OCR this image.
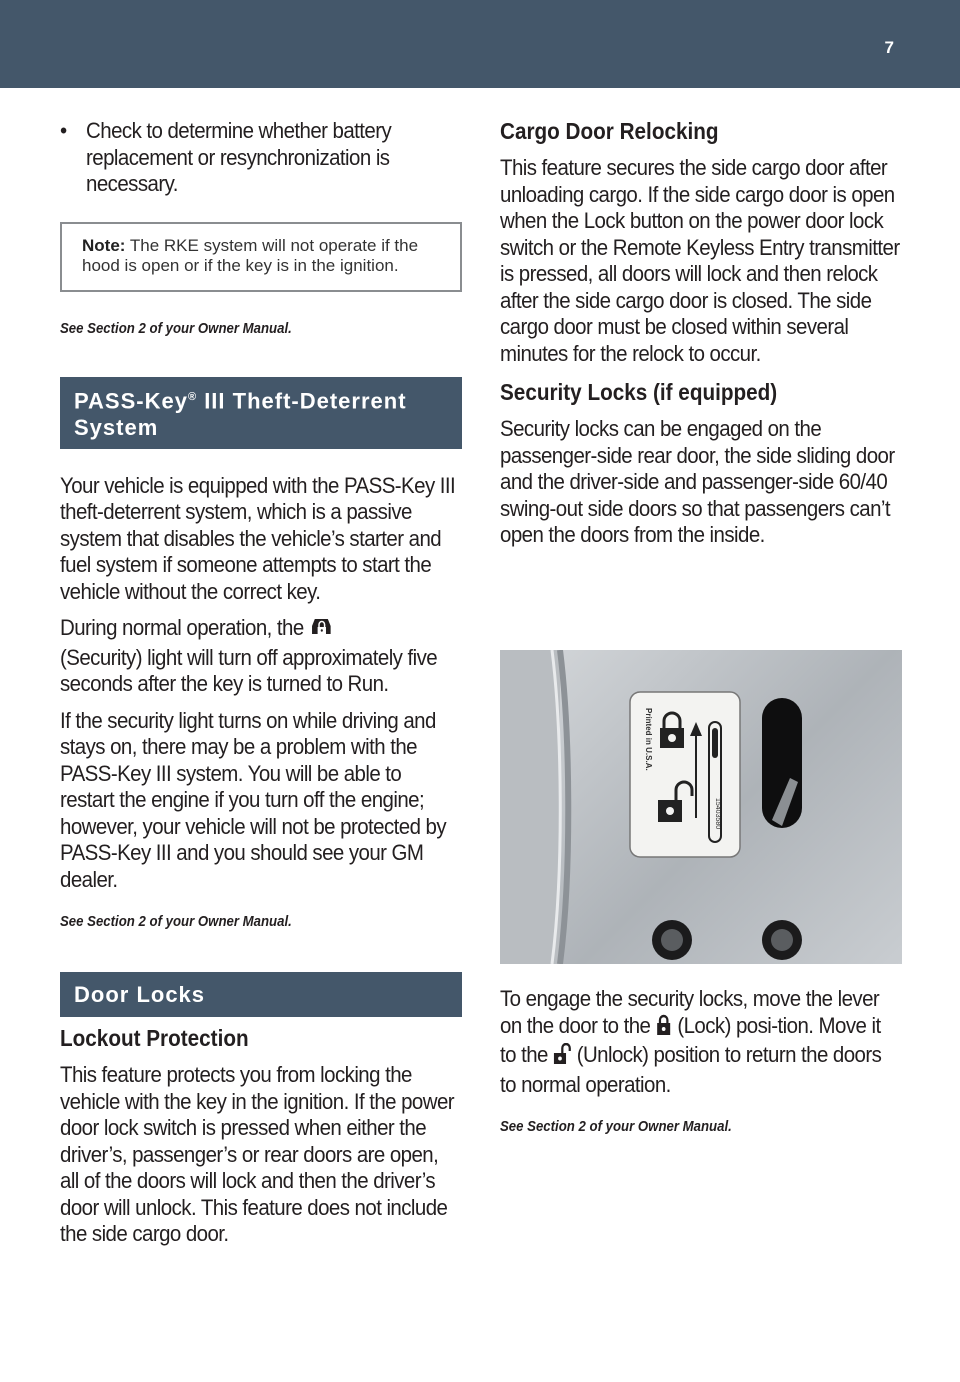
7
• Check to determine whether battery replacement or resynchronization is necessary.
Note: The RKE system will not operate if the hood is open or if the key is in the ignition.

See Section 2 of your Owner Manual.

PASS-Key® III Theft-Deterrent
System

Your vehicle is equipped with the PASS-Key III theft-deterrent system, which is a passive system that disables the vehicle’s starter and fuel system if someone attempts to start the vehicle without the correct key.

During normal operation, the
(Security) light will turn off approximately five seconds after the key is turned to Run.

If the security light turns on while driving and stays on, there may be a problem with the PASS-Key III system. You will be able to restart the engine if you turn off the engine; however, your vehicle will not be protected by PASS-Key III and you should see your GM dealer.

See Section 2 of your Owner Manual.

Door Locks

Lockout Protection

This feature protects you from locking the vehicle with the key in the ignition. If the power door lock switch is pressed when either the driver’s, passenger’s or rear doors are open, all of the doors will lock and then the driver’s door will unlock. This feature does not include the side cargo door.

Cargo Door Relocking

This feature secures the side cargo door after unloading cargo. If the side cargo door is open when the Lock button on the power door lock switch or the Remote Keyless Entry transmitter is pressed, all doors will lock and then relock after the side cargo door is closed. The side cargo door must be closed within several minutes for the relock to occur.

Security Locks (if equipped)

Security locks can be engaged on the passenger-side rear door, the side sliding door and the driver-side and passenger-side 60/40 swing-out side doors so that passengers can’t open the doors from the inside.

Printed in U.S.A.
15403580

To engage the security locks, move the lever on the door to the (Lock) posi-tion. Move it to the (Unlock) position to return the doors to normal operation.

See Section 2 of your Owner Manual.
